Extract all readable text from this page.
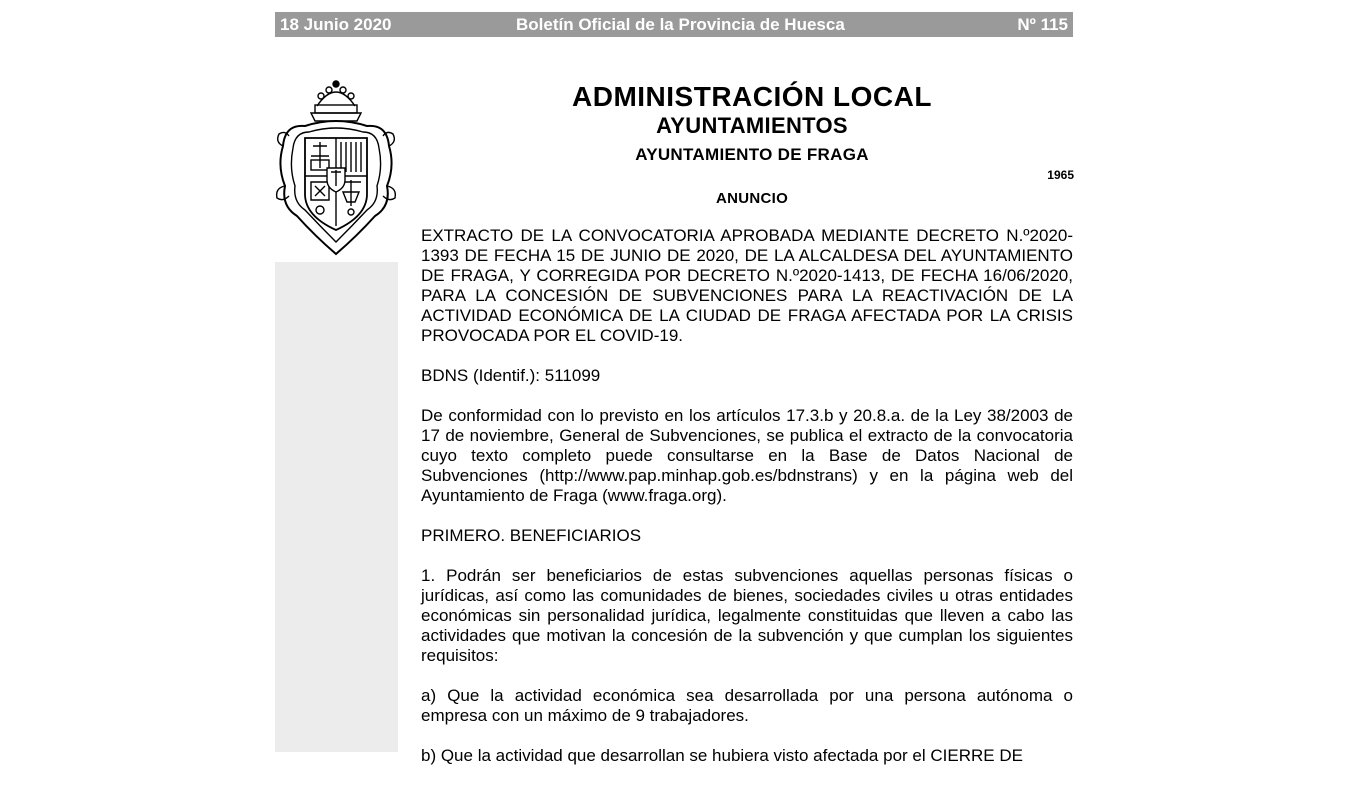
18 Junio 2020	Boletín Oficial de la Provincia de Huesca	Nº 115
ADMINISTRACIÓN LOCAL
AYUNTAMIENTOS
AYUNTAMIENTO DE FRAGA
1965
ANUNCIO

EXTRACTO DE LA CONVOCATORIA APROBADA MEDIANTE DECRETO N.º2020-1393 DE FECHA 15 DE JUNIO DE 2020, DE LA ALCALDESA DEL AYUNTAMIENTO DE FRAGA, Y CORREGIDA POR DECRETO N.º2020-1413, DE FECHA 16/06/2020, PARA LA CONCESIÓN DE SUBVENCIONES PARA LA REACTIVACIÓN DE LA ACTIVIDAD ECONÓMICA DE LA CIUDAD DE FRAGA AFECTADA POR LA CRISIS PROVOCADA POR EL COVID-19.

BDNS (Identif.): 511099

De conformidad con lo previsto en los artículos 17.3.b y 20.8.a. de la Ley 38/2003 de 17 de noviembre, General de Subvenciones, se publica el extracto de la convocatoria cuyo texto completo puede consultarse en la Base de Datos Nacional de Subvenciones (http://www.pap.minhap.gob.es/bdnstrans) y en la página web del Ayuntamiento de Fraga (www.fraga.org).

PRIMERO. BENEFICIARIOS

1. Podrán ser beneficiarios de estas subvenciones aquellas personas físicas o jurídicas, así como las comunidades de bienes, sociedades civiles u otras entidades económicas sin personalidad jurídica, legalmente constituidas que lleven a cabo las actividades que motivan la concesión de la subvención y que cumplan los siguientes requisitos:

a) Que la actividad económica sea desarrollada por una persona autónoma o empresa con un máximo de 9 trabajadores.

b) Que la actividad que desarrollan se hubiera visto afectada por el CIERRE DE
